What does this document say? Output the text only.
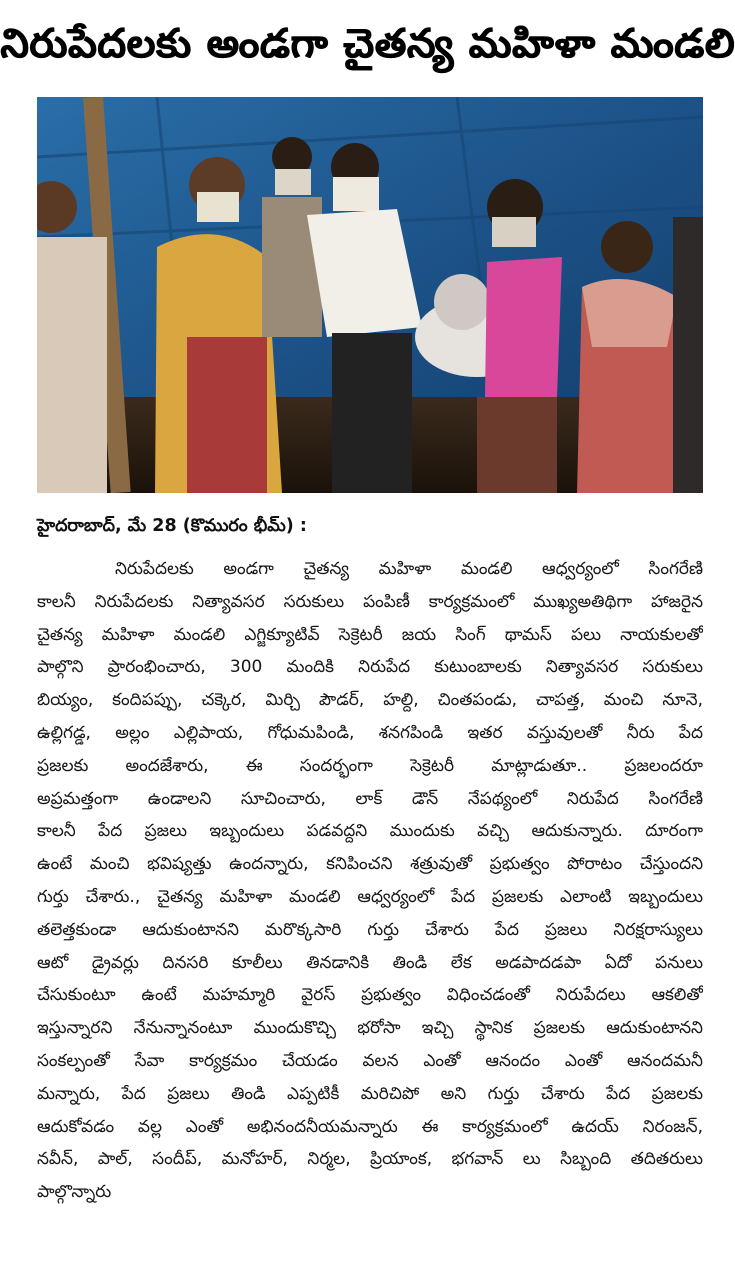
నిరుపేదలకు అండగా చైతన్య మహిళా మండలి
హైదరాబాద్, మే 28 (కొమురం భీమ్) :
నిరుపేదలకు అండగా చైతన్య మహిళా మండలి ఆధ్వర్యంలో సింగరేణి
కాలనీ నిరుపేదలకు నిత్యావసర సరుకులు పంపిణీ కార్యక్రమంలో ముఖ్యఅతిథిగా హాజరైన
చైతన్య మహిళా మండలి ఎగ్జిక్యూటివ్ సెక్రెటరీ జయ సింగ్ థామస్ పలు నాయకులతో
పాల్గొని ప్రారంభించారు, 300 మందికి నిరుపేద కుటుంబాలకు నిత్యావసర సరుకులు
బియ్యం, కందిపప్పు, చక్కెర, మిర్చి పౌడర్, హల్ది, చింతపండు, చాపత్త, మంచి నూనె,
ఉల్లిగడ్డ, అల్లం ఎల్లిపాయ, గోధుమపిండి, శనగపిండి ఇతర వస్తువులతో నీరు పేద
ప్రజలకు అందజేశారు, ఈ సందర్భంగా సెక్రెటరీ మాట్లాడుతూ.. ప్రజలందరూ
అప్రమత్తంగా ఉండాలని సూచించారు, లాక్ డౌన్ నేపథ్యంలో నిరుపేద సింగరేణి
కాలనీ పేద ప్రజలు ఇబ్బందులు పడవద్దని ముందుకు వచ్చి ఆదుకున్నారు. దూరంగా
ఉంటే మంచి భవిష్యత్తు ఉందన్నారు, కనిపించని శత్రువుతో ప్రభుత్వం పోరాటం చేస్తుందని
గుర్తు చేశారు., చైతన్య మహిళా మండలి ఆధ్వర్యంలో పేద ప్రజలకు ఎలాంటి ఇబ్బందులు
తలెత్తకుండా ఆదుకుంటానని మరొక్కసారి గుర్తు చేశారు పేద ప్రజలు నిరక్షరాస్యులు
ఆటో డ్రైవర్లు దినసరి కూలీలు తినడానికి తిండి లేక అడపాదడపా ఏదో పనులు
చేసుకుంటూ ఉంటే మహమ్మారి వైరస్ ప్రభుత్వం విధించడంతో నిరుపేదలు ఆకలితో
ఇస్తున్నారని నేనున్నానంటూ ముందుకొచ్చి భరోసా ఇచ్చి స్థానిక ప్రజలకు ఆదుకుంటానని
సంకల్పంతో సేవా కార్యక్రమం చేయడం వలన ఎంతో ఆనందం ఎంతో ఆనందమనీ
మన్నారు, పేద ప్రజలు తిండి ఎప్పటికీ మరిచిపో అని గుర్తు చేశారు పేద ప్రజలకు
ఆదుకోవడం వల్ల ఎంతో అభినందనీయమన్నారు ఈ కార్యక్రమంలో ఉదయ్ నిరంజన్,
నవీన్, పాల్, సందీప్, మనోహర్, నిర్మల, ప్రియాంక, భగవాన్ లు సిబ్బంది తదితరులు
పాల్గొన్నారు
